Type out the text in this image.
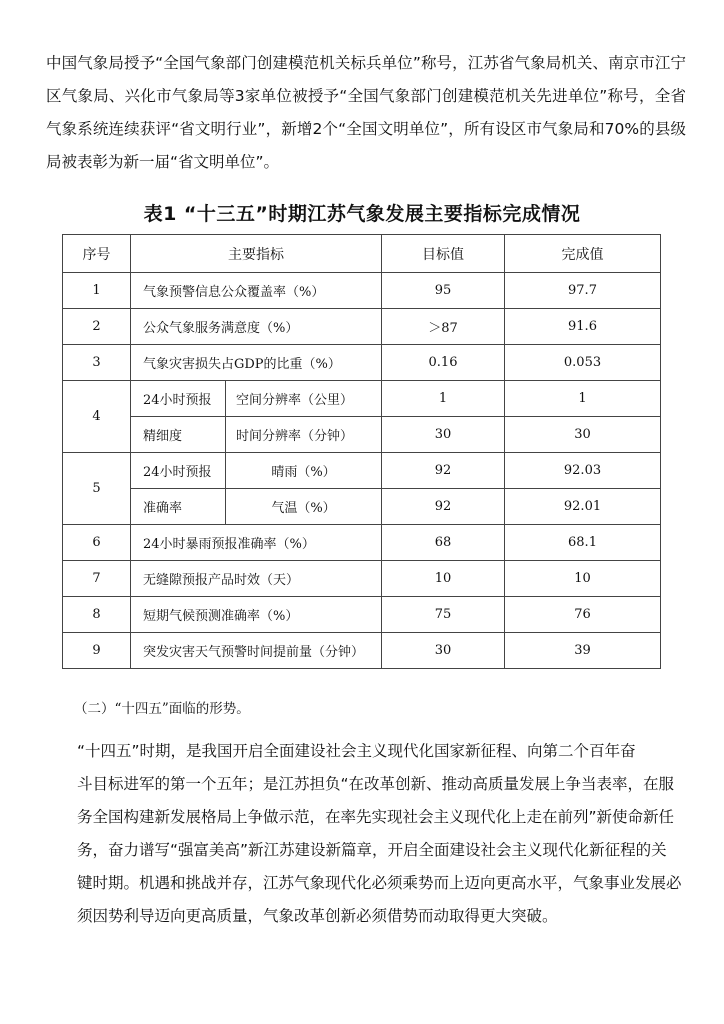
中国气象局授予“全国气象部门创建模范机关标兵单位”称号，江苏省气象局机关、南京市江宁区气象局、兴化市气象局等3家单位被授予“全国气象部门创建模范机关先进单位”称号，全省气象系统连续获评“省文明行业”，新增2个“全国文明单位”，所有设区市气象局和70%的县级局被表彰为新一届“省文明单位”。

表1 “十三五”时期江苏气象发展主要指标完成情况
序号	主要指标		目标值	完成值
1	气象预警信息公众覆盖率（%）		95	97.7
2	公众气象服务满意度（%）		＞87	91.6
3	气象灾害损失占GDP的比重（%）		0.16	0.053
4	24小时预报	空间分辨率（公里）	1	1
	精细度	时间分辨率（分钟）	30	30
5	24小时预报	晴雨（%）	92	92.03
	准确率	气温（%）	92	92.01
6	24小时暴雨预报准确率（%）		68	68.1
7	无缝隙预报产品时效（天）		10	10
8	短期气候预测准确率（%）		75	76
9	突发灾害天气预警时间提前量（分钟）		30	39

（二）“十四五”面临的形势。

“十四五”时期，是我国开启全面建设社会主义现代化国家新征程、向第二个百年奋
斗目标进军的第一个五年；是江苏担负“在改革创新、推动高质量发展上争当表率，在服
务全国构建新发展格局上争做示范，在率先实现社会主义现代化上走在前列”新使命新任
务，奋力谱写“强富美高”新江苏建设新篇章，开启全面建设社会主义现代化新征程的关
键时期。机遇和挑战并存，江苏气象现代化必须乘势而上迈向更高水平，气象事业发展必
须因势利导迈向更高质量，气象改革创新必须借势而动取得更大突破。
